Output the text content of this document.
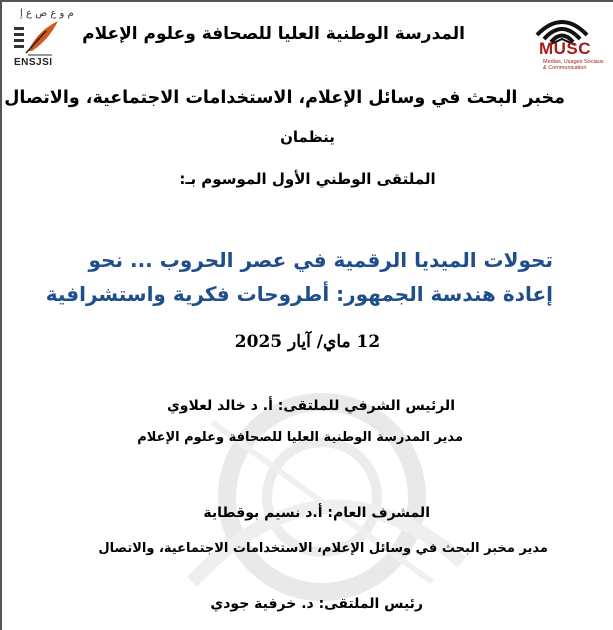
م و ع ص ع إ
ENSJSI
MUSC
Medias, Usages Sociaux & Communication
المدرسة الوطنية العليا للصحافة وعلوم الإعلام
مخبر البحث في وسائل الإعلام، الاستخدامات الاجتماعية، والاتصال
ينظمان
الملتقى الوطني الأول الموسوم بـ:
تحولات الميديا الرقمية في عصر الحروب ... نحو
إعادة هندسة الجمهور: أطروحات فكرية واستشرافية
12 ماي/ آيار 2025
الرئيس الشرفي للملتقى: أ. د خالد لعلاوي
مدير المدرسة الوطنية العليا للصحافة وعلوم الإعلام
المشرف العام: أ.د نسيم بوقطاية
مدير مخبر البحث في وسائل الإعلام، الاستخدامات الاجتماعية، والاتصال
رئيس الملتقى: د. خرفية جودي
